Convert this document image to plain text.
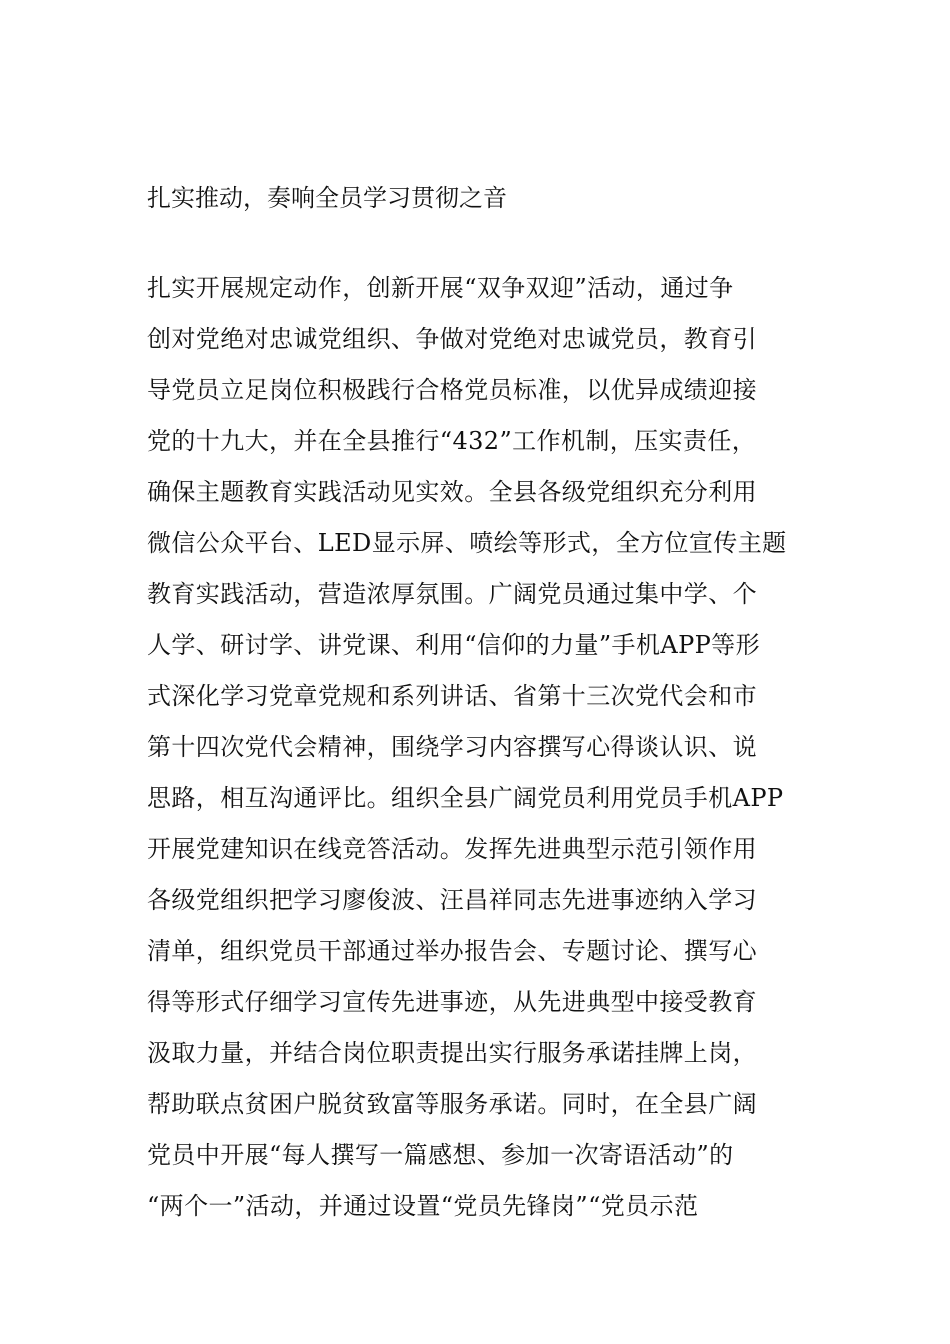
扎实推动，奏响全员学习贯彻之音
扎实开展规定动作，创新开展“双争双迎”活动，通过争
创对党绝对忠诚党组织、争做对党绝对忠诚党员，教育引
导党员立足岗位积极践行合格党员标准，以优异成绩迎接
党的十九大，并在全县推行“432”工作机制，压实责任，
确保主题教育实践活动见实效。全县各级党组织充分利用
微信公众平台、LED显示屏、喷绘等形式，全方位宣传主题
教育实践活动，营造浓厚氛围。广阔党员通过集中学、个
人学、研讨学、讲党课、利用“信仰的力量”手机APP等形
式深化学习党章党规和系列讲话、省第十三次党代会和市
第十四次党代会精神，围绕学习内容撰写心得谈认识、说
思路，相互沟通评比。组织全县广阔党员利用党员手机APP
开展党建知识在线竞答活动。发挥先进典型示范引领作用
各级党组织把学习廖俊波、汪昌祥同志先进事迹纳入学习
清单，组织党员干部通过举办报告会、专题讨论、撰写心
得等形式仔细学习宣传先进事迹，从先进典型中接受教育
汲取力量，并结合岗位职责提出实行服务承诺挂牌上岗，
帮助联点贫困户脱贫致富等服务承诺。同时，在全县广阔
党员中开展“每人撰写一篇感想、参加一次寄语活动”的
“两个一”活动，并通过设置“党员先锋岗”“党员示范
